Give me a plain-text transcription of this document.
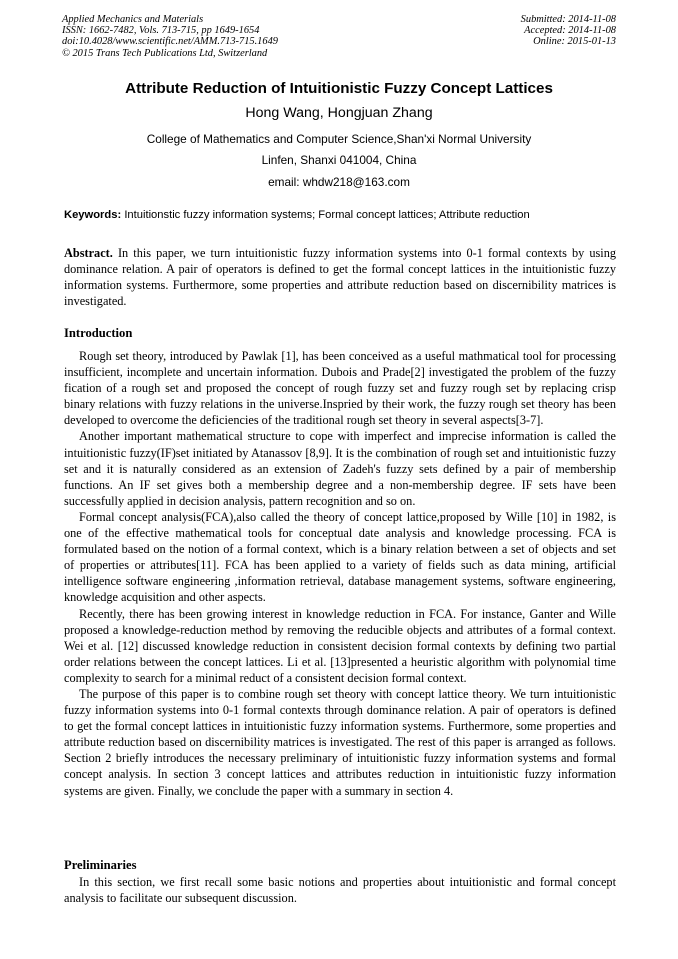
Applied Mechanics and Materials
ISSN: 1662-7482, Vols. 713-715, pp 1649-1654
doi:10.4028/www.scientific.net/AMM.713-715.1649
© 2015 Trans Tech Publications Ltd, Switzerland
Submitted: 2014-11-08
Accepted: 2014-11-08
Online: 2015-01-13
Attribute Reduction of Intuitionistic Fuzzy Concept Lattices
Hong Wang, Hongjuan Zhang
College of Mathematics and Computer Science,Shan'xi Normal University
Linfen, Shanxi 041004, China
email: whdw218@163.com
Keywords: Intuitionstic fuzzy information systems; Formal concept lattices; Attribute reduction

Abstract. In this paper, we turn intuitionistic fuzzy information systems into 0-1 formal contexts by using dominance relation. A pair of operators is defined to get the formal concept lattices in the intuitionistic fuzzy information systems. Furthermore, some properties and attribute reduction based on discernibility matrices is investigated.

Introduction

Rough set theory, introduced by Pawlak [1], has been conceived as a useful mathmatical tool for processing insufficient, incomplete and uncertain information. Dubois and Prade[2] investigated the problem of the fuzzy fication of a rough set and proposed the concept of rough fuzzy set and fuzzy rough set by replacing crisp binary relations with fuzzy relations in the universe.Inspried by their work, the fuzzy rough set theory has been developed to overcome the deficiencies of the traditional rough set theory in several aspects[3-7].

Another important mathematical structure to cope with imperfect and imprecise information is called the intuitionistic fuzzy(IF)set initiated by Atanassov [8,9]. It is the combination of rough set and intuitionistic fuzzy set and it is naturally considered as an extension of Zadeh's fuzzy sets defined by a pair of membership functions. An IF set gives both a membership degree and a non-membership degree. IF sets have been successfully applied in decision analysis, pattern recognition and so on.

Formal concept analysis(FCA),also called the theory of concept lattice,proposed by Wille [10] in 1982, is one of the effective mathematical tools for conceptual date analysis and knowledge processing. FCA is formulated based on the notion of a formal context, which is a binary relation between a set of objects and set of properties or attributes[11]. FCA has been applied to a variety of fields such as data mining, artificial intelligence software engineering ,information retrieval, database management systems, software engineering, knowledge acquisition and other aspects.

Recently, there has been growing interest in knowledge reduction in FCA. For instance, Ganter and Wille proposed a knowledge-reduction method by removing the reducible objects and attributes of a formal context. Wei et al. [12] discussed knowledge reduction in consistent decision formal contexts by defining two partial order relations between the concept lattices. Li et al. [13]presented a heuristic algorithm with polynomial time complexity to search for a minimal reduct of a consistent decision formal context.

The purpose of this paper is to combine rough set theory with concept lattice theory. We turn intuitionistic fuzzy information systems into 0-1 formal contexts through dominance relation. A pair of operators is defined to get the formal concept lattices in intuitionistic fuzzy information systems. Furthermore, some properties and attribute reduction based on discernibility matrices is investigated. The rest of this paper is arranged as follows. Section 2 briefly introduces the necessary preliminary of intuitionistic fuzzy information systems and formal concept analysis. In section 3 concept lattices and attributes reduction in intuitionistic fuzzy information systems are given. Finally, we conclude the paper with a summary in section 4.

Preliminaries

In this section, we first recall some basic notions and properties about intuitionistic and formal concept analysis to facilitate our subsequent discussion.
